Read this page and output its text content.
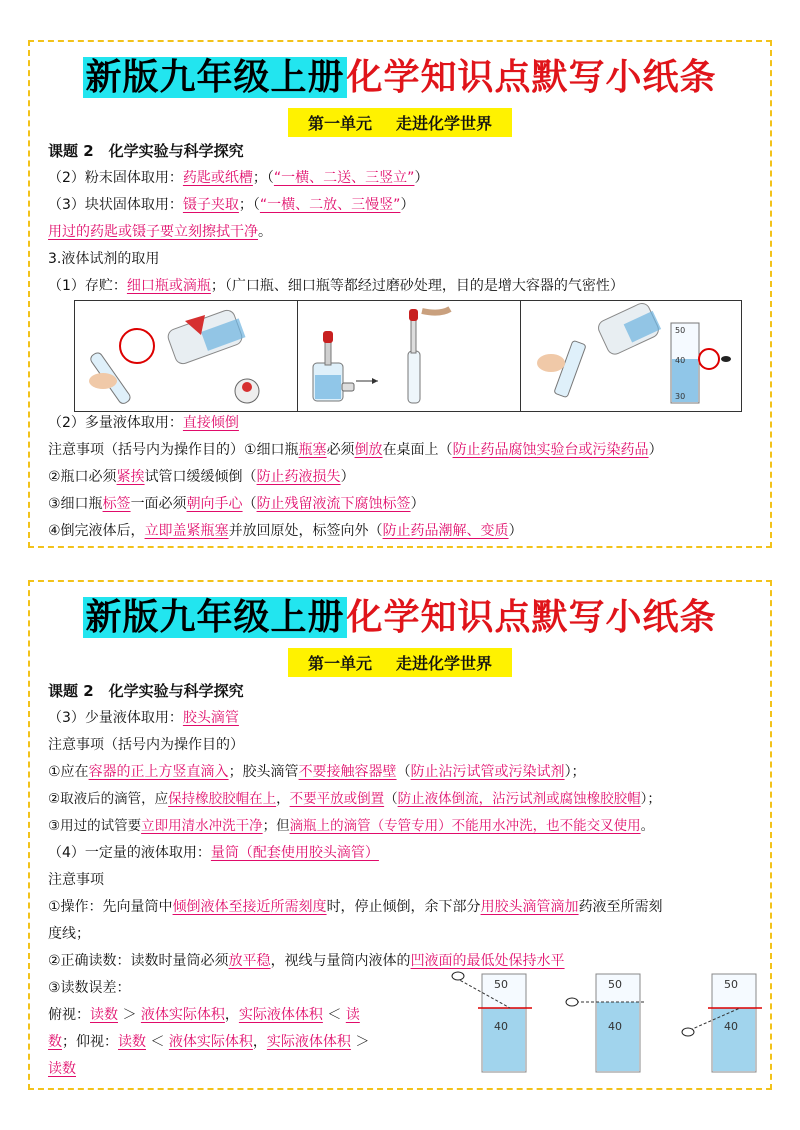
新版九年级上册化学知识点默写小纸条
第一单元 走进化学世界
课题 2　化学实验与科学探究
（2）粉末固体取用：药匙或纸槽；（“一横、二送、三竖立”）
（3）块状固体取用：镊子夹取；（“一横、二放、三慢竖”）
用过的药匙或镊子要立刻擦拭干净。
3.液体试剂的取用
（1）存贮：细口瓶或滴瓶；（广口瓶、细口瓶等都经过磨砂处理，目的是增大容器的气密性）
50
40
30
（2）多量液体取用：直接倾倒
注意事项（括号内为操作目的）①细口瓶瓶塞必须倒放在桌面上（防止药品腐蚀实验台或污染药品）
②瓶口必须紧挨试管口缓缓倾倒（防止药液损失）
③细口瓶标签一面必须朝向手心（防止残留液流下腐蚀标签）
④倒完液体后，立即盖紧瓶塞并放回原处，标签向外（防止药品潮解、变质）
新版九年级上册化学知识点默写小纸条
第一单元 走进化学世界
课题 2　化学实验与科学探究
（3）少量液体取用：胶头滴管
注意事项（括号内为操作目的）
①应在容器的正上方竖直滴入；胶头滴管不要接触容器壁（防止沾污试管或污染试剂）；
②取液后的滴管，应保持橡胶胶帽在上，不要平放或倒置（防止液体倒流，沾污试剂或腐蚀橡胶胶帽）；
③用过的试管要立即用清水冲洗干净；但滴瓶上的滴管（专管专用）不能用水冲洗，也不能交叉使用。
（4）一定量的液体取用：量筒（配套使用胶头滴管）
注意事项
①操作：先向量筒中倾倒液体至接近所需刻度时，停止倾倒，余下部分用胶头滴管滴加药液至所需刻
度线；
②正确读数：读数时量筒必须放平稳，视线与量筒内液体的凹液面的最低处保持水平
③读数误差：
俯视：读数 ＞ 液体实际体积，实际液体体积 ＜ 读
数；仰视：读数 ＜ 液体实际体积，实际液体体积 ＞
读数
50
40
50
40
50
40
